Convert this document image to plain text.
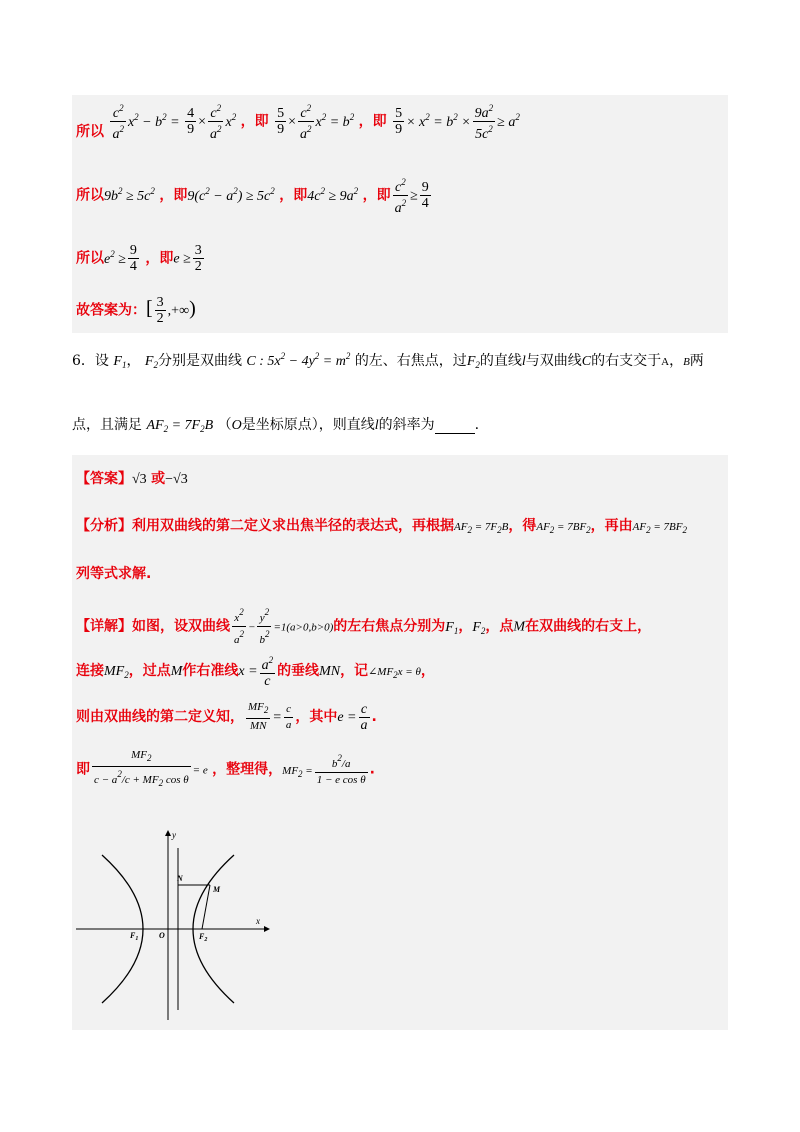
所以 $\frac{c^2}{a^2} x^2 - b^2 = \frac{4}{9} \times \frac{c^2}{a^2} x^2$ ，即 $\frac{5}{9} \times \frac{c^2}{a^2} x^2 = b^2$ ，即 $\frac{5}{9} \times x^2 = b^2 \times \frac{9a^2}{5c^2} \ge a^2$
所以$9b^2 \ge 5c^2$ ，即$9(c^2 - a^2) \ge 5c^2$ ，即$4c^2 \ge 9a^2$ ，即 $\frac{c^2}{a^2} \ge \frac{9}{4}$
所以$e^2 \ge \frac{9}{4}$ ，即$e \ge \frac{3}{2}$
故答案为：[ $\frac{3}{2}$ ,+∞)
6．设 $F_1$， $F_2$分别是双曲线 C : $5x^2 - 4y^2 = m^2$ 的左、右焦点，过$F_2$的直线l与双曲线C的右支交于A，B两
点，且满足 $AF_2 = 7F_2B$ （O是坐标原点），则直线l的斜率为	.
【答案】√3 或−√3
【分析】利用双曲线的第二定义求出焦半径的表达式，再根据$AF_2 = 7F_2B$，得$AF_2 = 7BF_2$，再由$AF_2 = 7BF_2$
列等式求解.
【详解】如图，设双曲线 $\frac{x^2}{a^2} - \frac{y^2}{b^2} =1(a>0,b>0)$的左右焦点分别为$F_1$，$F_2$，点M在双曲线的右支上，
连接$MF_2$，过点M作右准线$x = \frac{a^2}{c}$ 的垂线MN，记$\angle MF_2x = \theta$，
则由双曲线的第二定义知， $\frac{MF_2}{MN} = \frac{c}{a}$ ，其中$e = \frac{c}{a}$ .
即 $\frac{MF_2}{c - a^2/c + MF_2 \cos \theta} = e$ ，整理得，$MF_2 = \frac{b^2/a}{\text{1 − e cos θ}}$ .
y
x
N
M
O
$F_1$	$F_2$
